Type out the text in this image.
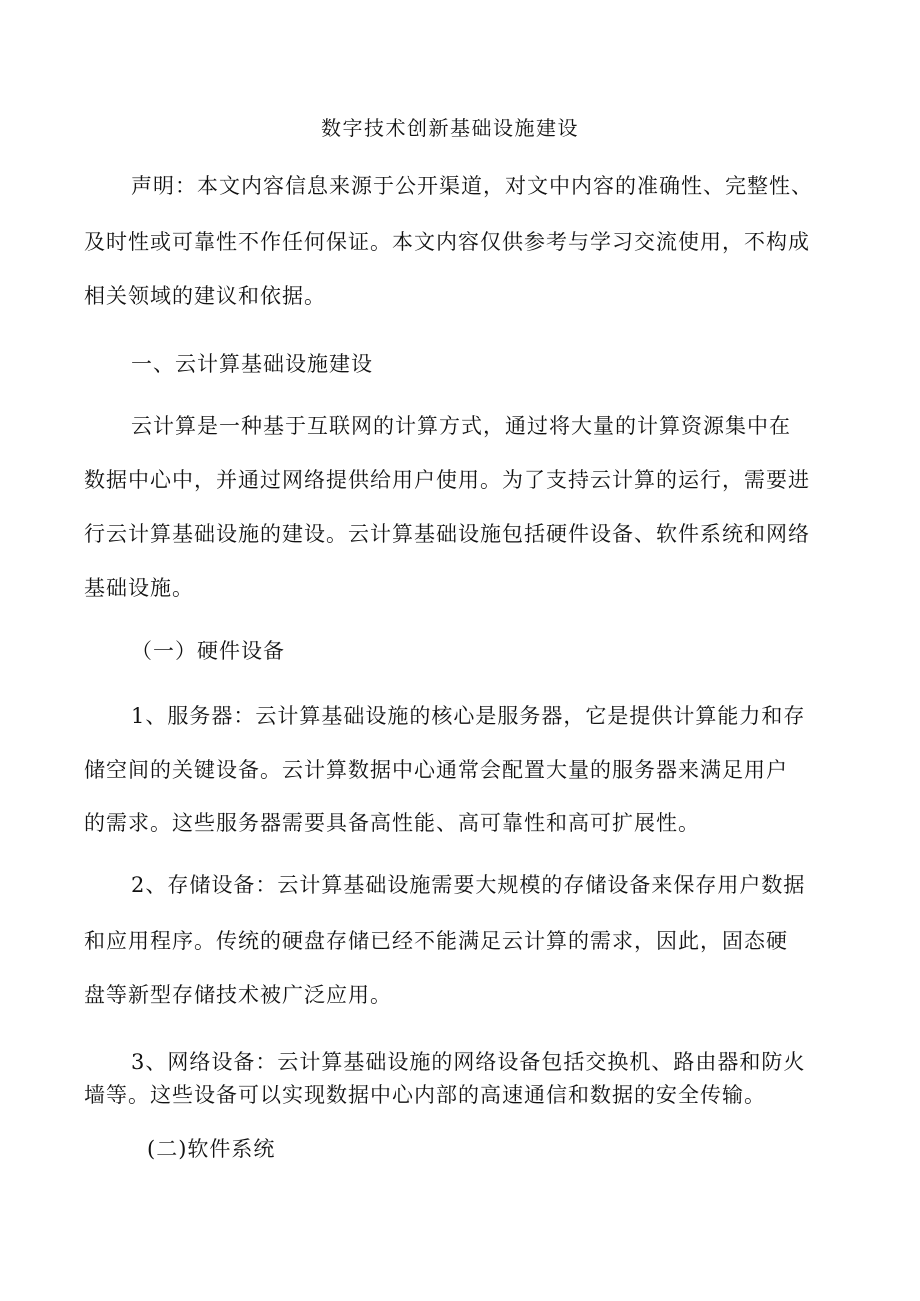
数字技术创新基础设施建设
声明：本文内容信息来源于公开渠道，对文中内容的准确性、完整性、
及时性或可靠性不作任何保证。本文内容仅供参考与学习交流使用，不构成
相关领域的建议和依据。
一、云计算基础设施建设
云计算是一种基于互联网的计算方式，通过将大量的计算资源集中在
数据中心中，并通过网络提供给用户使用。为了支持云计算的运行，需要进
行云计算基础设施的建设。云计算基础设施包括硬件设备、软件系统和网络
基础设施。
（一）硬件设备
1、服务器：云计算基础设施的核心是服务器，它是提供计算能力和存
储空间的关键设备。云计算数据中心通常会配置大量的服务器来满足用户
的需求。这些服务器需要具备高性能、高可靠性和高可扩展性。
2、存储设备：云计算基础设施需要大规模的存储设备来保存用户数据
和应用程序。传统的硬盘存储已经不能满足云计算的需求，因此，固态硬
盘等新型存储技术被广泛应用。
3、网络设备：云计算基础设施的网络设备包括交换机、路由器和防火
墙等。这些设备可以实现数据中心内部的高速通信和数据的安全传输。
(二)软件系统
